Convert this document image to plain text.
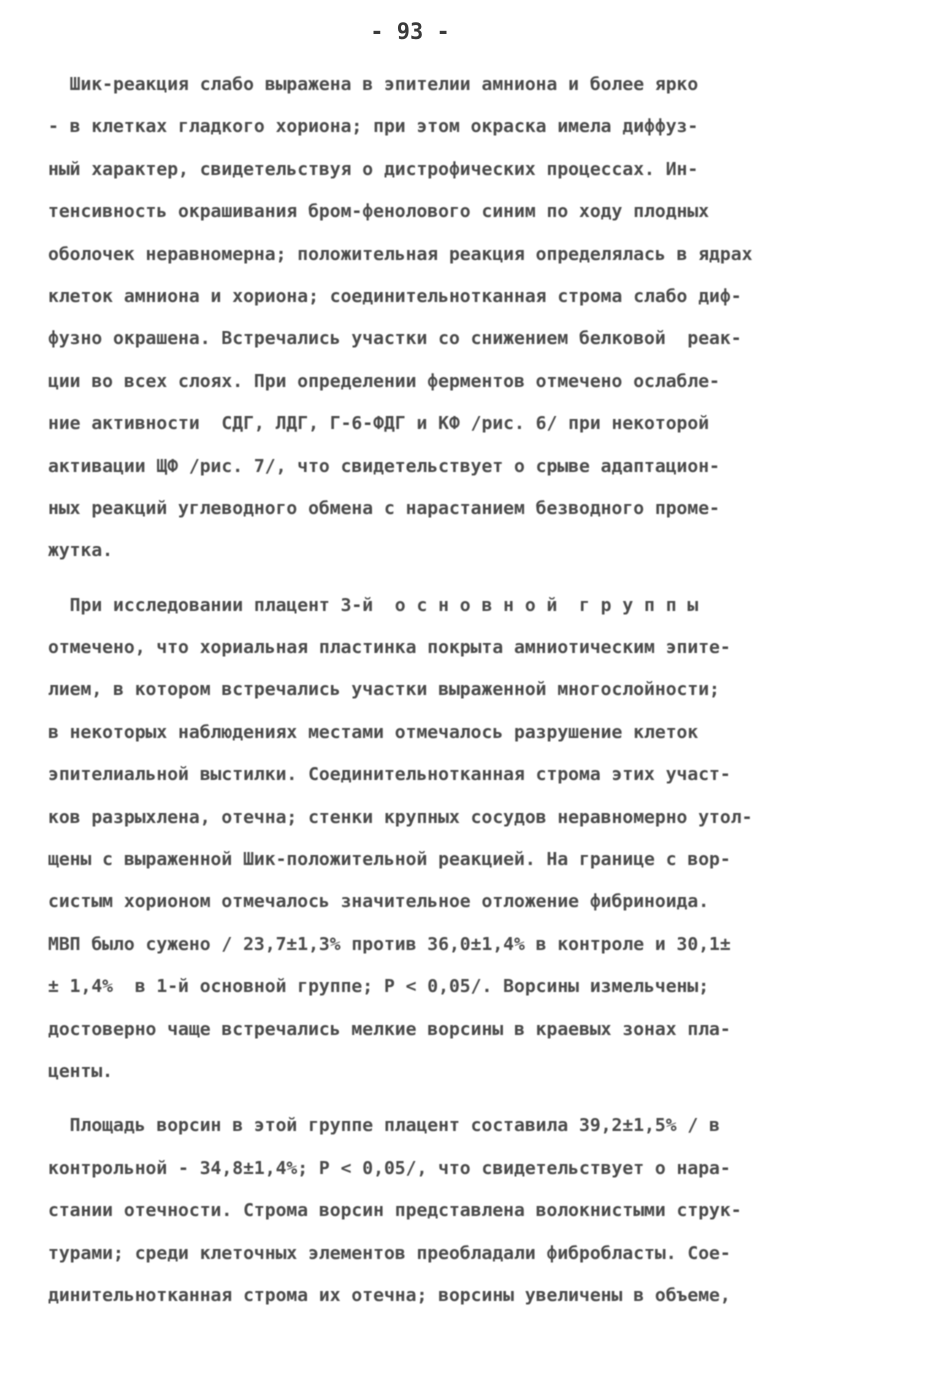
- 93 -
Шик-реакция слабо выражена в эпителии амниона и более ярко
- в клетках гладкого хориона; при этом окраска имела диффуз-
ный характер, свидетельствуя о дистрофических процессах. Ин-
тенсивность окрашивания бром-фенолового синим по ходу плодных
оболочек неравномерна; положительная реакция определялась в ядрах
клеток амниона и хориона; соединительнотканная строма слабо диф-
фузно окрашена. Встречались участки со снижением белковой  реак-
ции во всех слоях. При определении ферментов отмечено ослабле-
ние активности  СДГ, ЛДГ, Г-6-ФДГ и КФ /рис. 6/ при некоторой
активации ЩФ /рис. 7/, что свидетельствует о срыве адаптацион-
ных реакций углеводного обмена с нарастанием безводного проме-
жутка.
При исследовании плацент 3-й  о с н о в н о й  г р у п п ы
отмечено, что хориальная пластинка покрыта амниотическим эпите-
лием, в котором встречались участки выраженной многослойности;
в некоторых наблюдениях местами отмечалось разрушение клеток
эпителиальной выстилки. Соединительнотканная строма этих участ-
ков разрыхлена, отечна; стенки крупных сосудов неравномерно утол-
щены с выраженной Шик-положительной реакцией. На границе с вор-
систым хорионом отмечалось значительное отложение фибриноида.
МВП было сужено / 23,7±1,3% против 36,0±1,4% в контроле и 30,1±
± 1,4%  в 1-й основной группе; Р < 0,05/. Ворсины измельчены;
достоверно чаще встречались мелкие ворсины в краевых зонах пла-
центы.
Площадь ворсин в этой группе плацент составила 39,2±1,5% / в
контрольной - 34,8±1,4%; Р < 0,05/, что свидетельствует о нара-
стании отечности. Строма ворсин представлена волокнистыми струк-
турами; среди клеточных элементов преобладали фибробласты. Сое-
динительнотканная строма их отечна; ворсины увеличены в объеме,
